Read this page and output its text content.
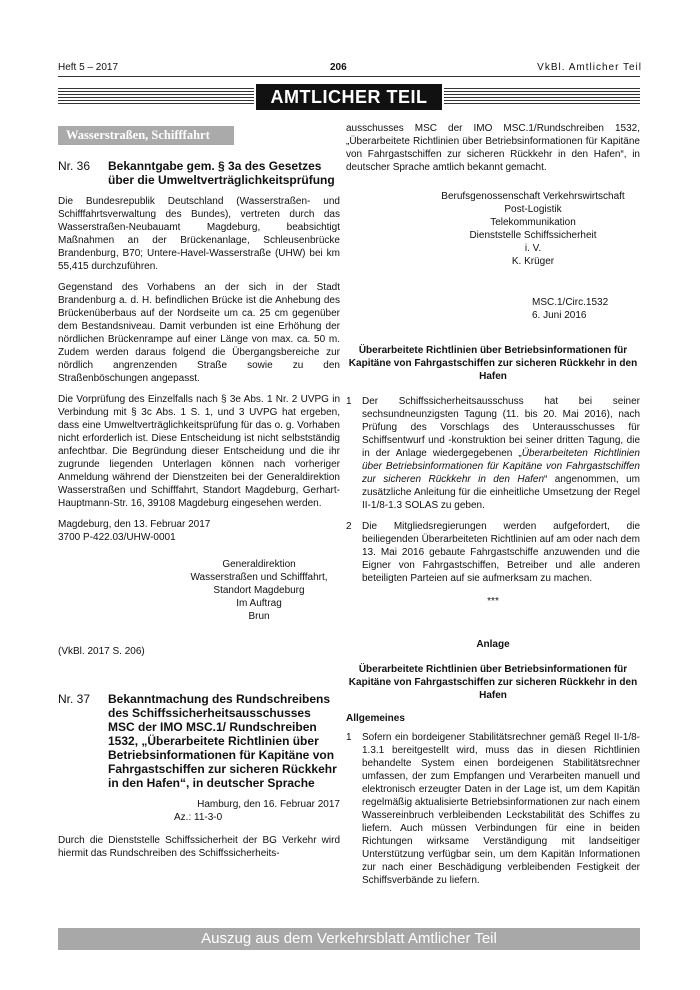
Heft 5 – 2017	206	VkBl. Amtlicher Teil
AMTLICHER TEIL
Wasserstraßen, Schifffahrt
Nr. 36	Bekanntgabe gem. § 3a des Gesetzes über die Umweltverträglichkeitsprüfung

Die Bundesrepublik Deutschland (Wasserstraßen- und Schifffahrtsverwaltung des Bundes), vertreten durch das Wasserstraßen-Neubauamt Magdeburg, beabsichtigt Maßnahmen an der Brückenanlage, Schleusenbrücke Brandenburg, B70; Untere-Havel-Wasserstraße (UHW) bei km 55,415 durchzuführen.

Gegenstand des Vorhabens an der sich in der Stadt Brandenburg a. d. H. befindlichen Brücke ist die Anhebung des Brückenüberbaus auf der Nordseite um ca. 25 cm gegenüber dem Bestandsniveau. Damit verbunden ist eine Erhöhung der nördlichen Brückenrampe auf einer Länge von max. ca. 50 m. Zudem werden daraus folgend die Übergangsbereiche zur nördlich angrenzenden Straße sowie zu den Straßenböschungen angepasst.

Die Vorprüfung des Einzelfalls nach § 3e Abs. 1 Nr. 2 UVPG in Verbindung mit § 3c Abs. 1 S. 1, und 3 UVPG hat ergeben, dass eine Umweltverträglichkeitsprüfung für das o. g. Vorhaben nicht erforderlich ist. Diese Entscheidung ist nicht selbstständig anfechtbar. Die Begründung dieser Entscheidung und die ihr zugrunde liegenden Unterlagen können nach vorheriger Anmeldung während der Dienstzeiten bei der Generaldirektion Wasserstraßen und Schifffahrt, Standort Magdeburg, Gerhart-Hauptmann-Str. 16, 39108 Magdeburg eingesehen werden.

Magdeburg, den 13. Februar 2017
3700 P-422.03/UHW-0001
Generaldirektion
Wasserstraßen und Schifffahrt,
Standort Magdeburg
Im Auftrag
Brun
(VkBl. 2017 S. 206)
Nr. 37	Bekanntmachung des Rundschreibens des Schiffssicherheitsausschusses MSC der IMO MSC.1/ Rundschreiben 1532, „Überarbeitete Richtlinien über Betriebsinformationen für Kapitäne von Fahrgastschiffen zur sicheren Rückkehr in den Hafen“, in deutscher Sprache
Hamburg, den 16. Februar 2017
Az.: 11-3-0

Durch die Dienststelle Schiffssicherheit der BG Verkehr wird hiermit das Rundschreiben des Schiffssicherheits-

ausschusses MSC der IMO MSC.1/Rundschreiben 1532, „Überarbeitete Richtlinien über Betriebsinformationen für Kapitäne von Fahrgastschiffen zur sicheren Rückkehr in den Hafen“, in deutscher Sprache amtlich bekannt gemacht.

Berufsgenossenschaft Verkehrswirtschaft
Post-Logistik
Telekommunikation
Dienststelle Schiffssicherheit
i. V.
K. Krüger
MSC.1/Circ.1532
6. Juni 2016
Überarbeitete Richtlinien über Betriebsinformationen für Kapitäne von Fahrgastschiffen zur sicheren Rückkehr in den Hafen
1	Der Schiffssicherheitsausschuss hat bei seiner sechsundneunzigsten Tagung (11. bis 20. Mai 2016), nach Prüfung des Vorschlags des Unterausschusses für Schiffsentwurf und -konstruktion bei seiner dritten Tagung, die in der Anlage wiedergegebenen „Überarbeiteten Richtlinien über Betriebsinformationen für Kapitäne von Fahrgastschiffen zur sicheren Rückkehr in den Hafen“ angenommen, um zusätzliche Anleitung für die einheitliche Umsetzung der Regel II-1/8-1.3 SOLAS zu geben.
2	Die Mitgliedsregierungen werden aufgefordert, die beiliegenden Überarbeiteten Richtlinien auf am oder nach dem 13. Mai 2016 gebaute Fahrgastschiffe anzuwenden und die Eigner von Fahrgastschiffen, Betreiber und alle anderen beteiligten Parteien auf sie aufmerksam zu machen.
***
Anlage
Überarbeitete Richtlinien über Betriebsinformationen für Kapitäne von Fahrgastschiffen zur sicheren Rückkehr in den Hafen
Allgemeines
1	Sofern ein bordeigener Stabilitätsrechner gemäß Regel II-1/8-1.3.1 bereitgestellt wird, muss das in diesen Richtlinien behandelte System einen bordeigenen Stabilitätsrechner umfassen, der zum Empfangen und Verarbeiten manuell und elektronisch erzeugter Daten in der Lage ist, um dem Kapitän regelmäßig aktualisierte Betriebsinformationen zur nach einem Wassereinbruch verbleibenden Leckstabilität des Schiffes zu liefern. Auch müssen Verbindungen für eine in beiden Richtungen wirksame Verständigung mit landseitiger Unterstützung verfügbar sein, um dem Kapitän Informationen zur nach einer Beschädigung verbleibenden Festigkeit der Schiffsverbände zu liefern.
Auszug aus dem Verkehrsblatt Amtlicher Teil
